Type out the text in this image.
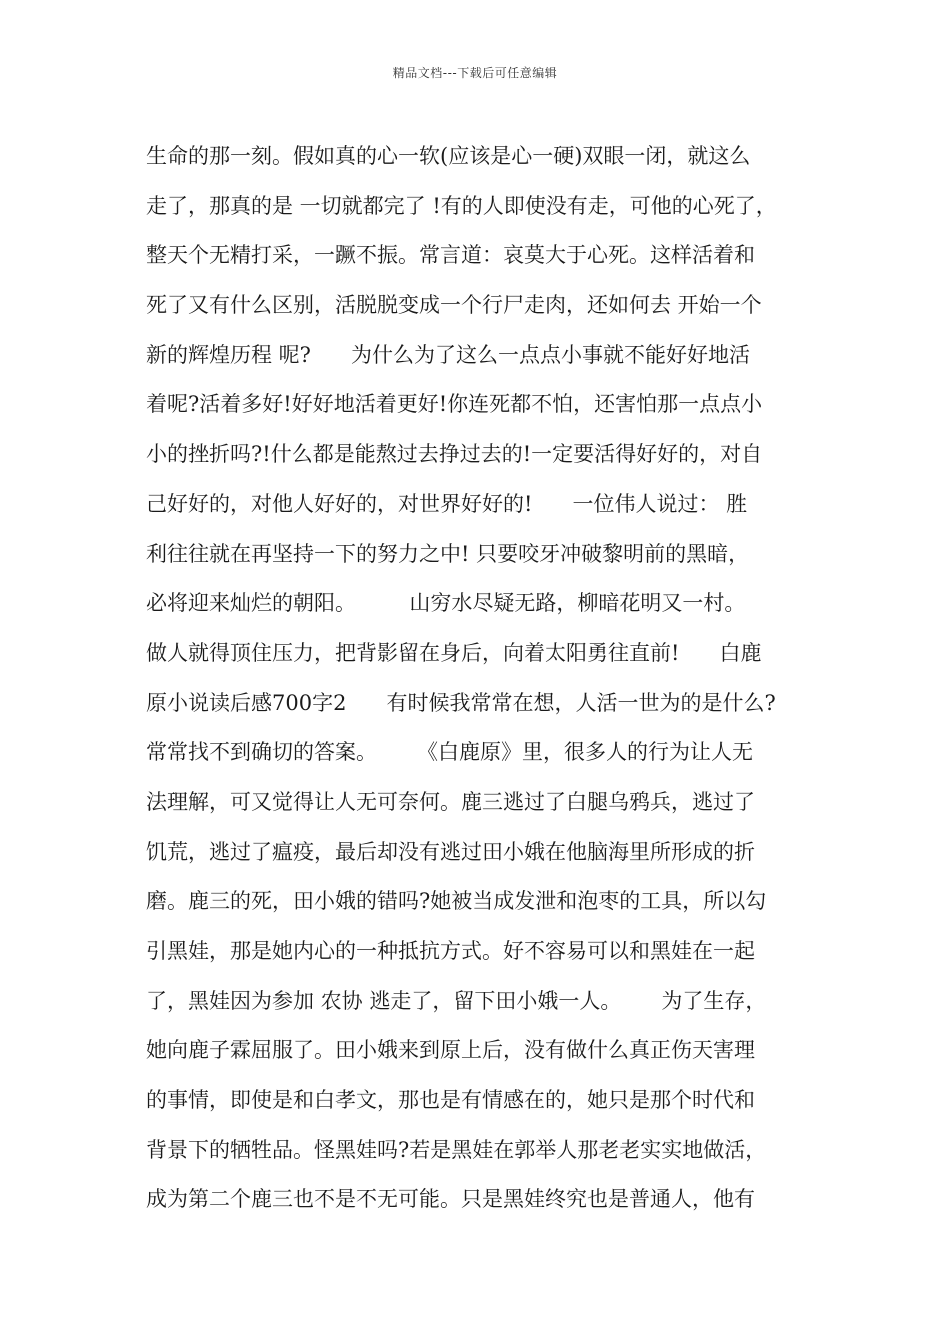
精品文档---下载后可任意编辑
生命的那一刻。假如真的心一软(应该是心一硬)双眼一闭，就这么
走了，那真的是 一切就都完了 !有的人即使没有走，可他的心死了，
整天个无精打采，一蹶不振。常言道：哀莫大于心死。这样活着和
死了又有什么区别，活脱脱变成一个行尸走肉，还如何去 开始一个
新的辉煌历程 呢?      为什么为了这么一点点小事就不能好好地活
着呢?活着多好!好好地活着更好!你连死都不怕，还害怕那一点点小
小的挫折吗?!什么都是能熬过去挣过去的!一定要活得好好的，对自
己好好的，对他人好好的，对世界好好的!      一位伟人说过： 胜
利往往就在再坚持一下的努力之中! 只要咬牙冲破黎明前的黑暗，
必将迎来灿烂的朝阳。        山穷水尽疑无路，柳暗花明又一村。
做人就得顶住压力，把背影留在身后，向着太阳勇往直前!      白鹿
原小说读后感700字2      有时候我常常在想，人活一世为的是什么?
常常找不到确切的答案。      《白鹿原》里，很多人的行为让人无
法理解，可又觉得让人无可奈何。鹿三逃过了白腿乌鸦兵，逃过了
饥荒，逃过了瘟疫，最后却没有逃过田小娥在他脑海里所形成的折
磨。鹿三的死，田小娥的错吗?她被当成发泄和泡枣的工具，所以勾
引黑娃，那是她内心的一种抵抗方式。好不容易可以和黑娃在一起
了，黑娃因为参加 农协 逃走了，留下田小娥一人。      为了生存，
她向鹿子霖屈服了。田小娥来到原上后，没有做什么真正伤天害理
的事情，即使是和白孝文，那也是有情感在的，她只是那个时代和
背景下的牺牲品。怪黑娃吗?若是黑娃在郭举人那老老实实地做活，
成为第二个鹿三也不是不无可能。只是黑娃终究也是普通人，他有
